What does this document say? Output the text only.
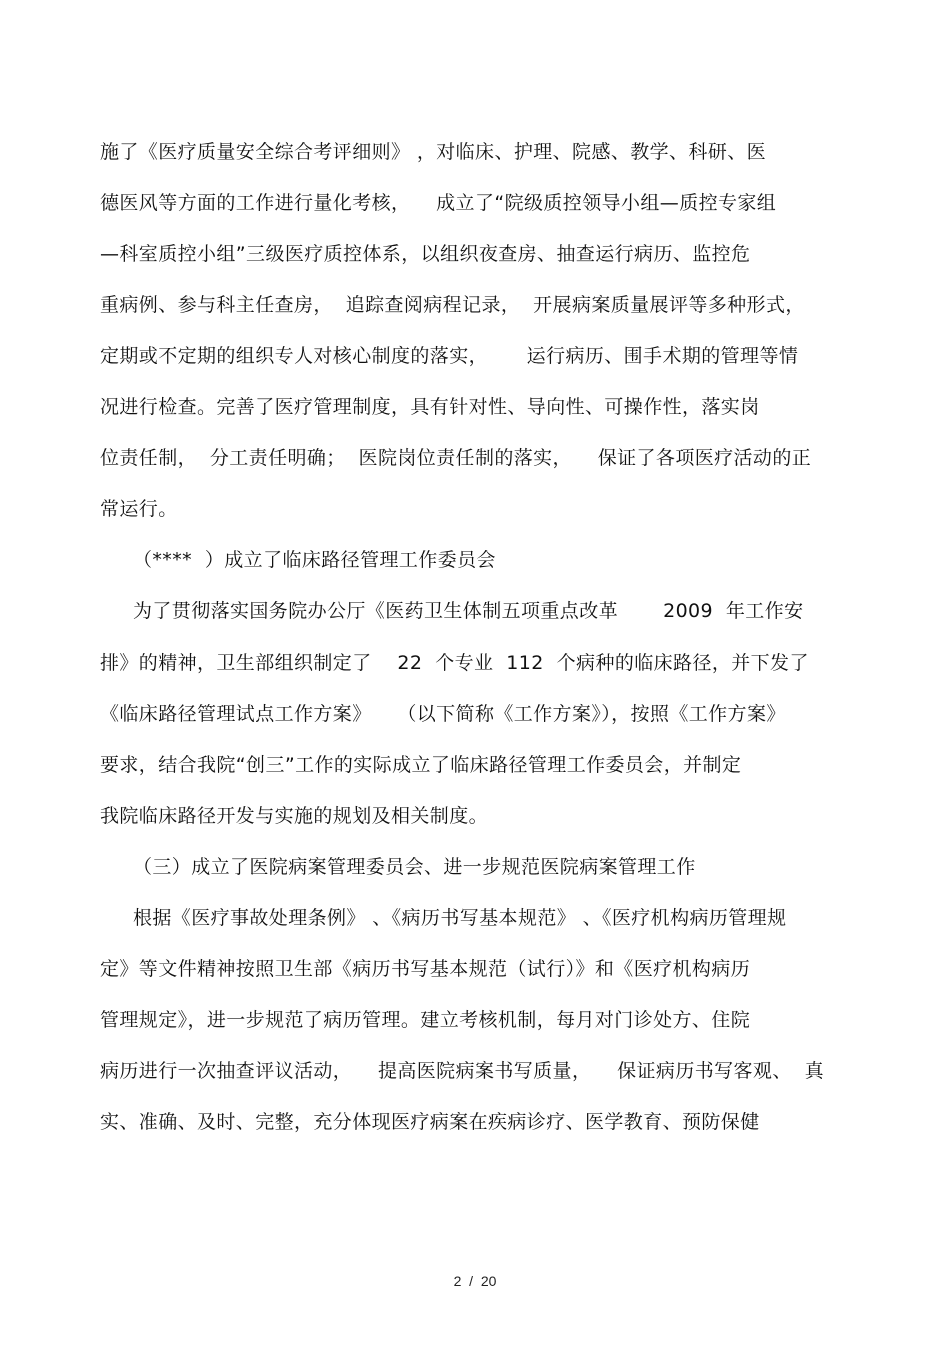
施了《医疗质量安全综合考评细则》 ，对临床、护理、院感、教学、科研、医
德医风等方面的工作进行量化考核，    成立了“院级质控领导小组—质控专家组
—科室质控小组”三级医疗质控体系，以组织夜查房、抽查运行病历、监控危
重病例、参与科主任查房，  追踪查阅病程记录，  开展病案质量展评等多种形式，
定期或不定期的组织专人对核心制度的落实，      运行病历、围手术期的管理等情
况进行检查。完善了医疗管理制度，具有针对性、导向性、可操作性，落实岗
位责任制，  分工责任明确；  医院岗位责任制的落实，    保证了各项医疗活动的正
常运行。
（****  ）成立了临床路径管理工作委员会
为了贯彻落实国务院办公厅《医药卫生体制五项重点改革       2009  年工作安
排》的精神，卫生部组织制定了    22  个专业  112  个病种的临床路径，并下发了
《临床路径管理试点工作方案》    （以下简称《工作方案》），按照《工作方案》
要求，结合我院“创三”工作的实际成立了临床路径管理工作委员会，并制定
我院临床路径开发与实施的规划及相关制度。
（三）成立了医院病案管理委员会、进一步规范医院病案管理工作
根据《医疗事故处理条例》 、《病历书写基本规范》 、《医疗机构病历管理规
定》等文件精神按照卫生部《病历书写基本规范（试行）》和《医疗机构病历
管理规定》，进一步规范了病历管理。建立考核机制，每月对门诊处方、住院
病历进行一次抽查评议活动，    提高医院病案书写质量，    保证病历书写客观、  真
实、准确、及时、完整，充分体现医疗病案在疾病诊疗、医学教育、预防保健
2  /  20
